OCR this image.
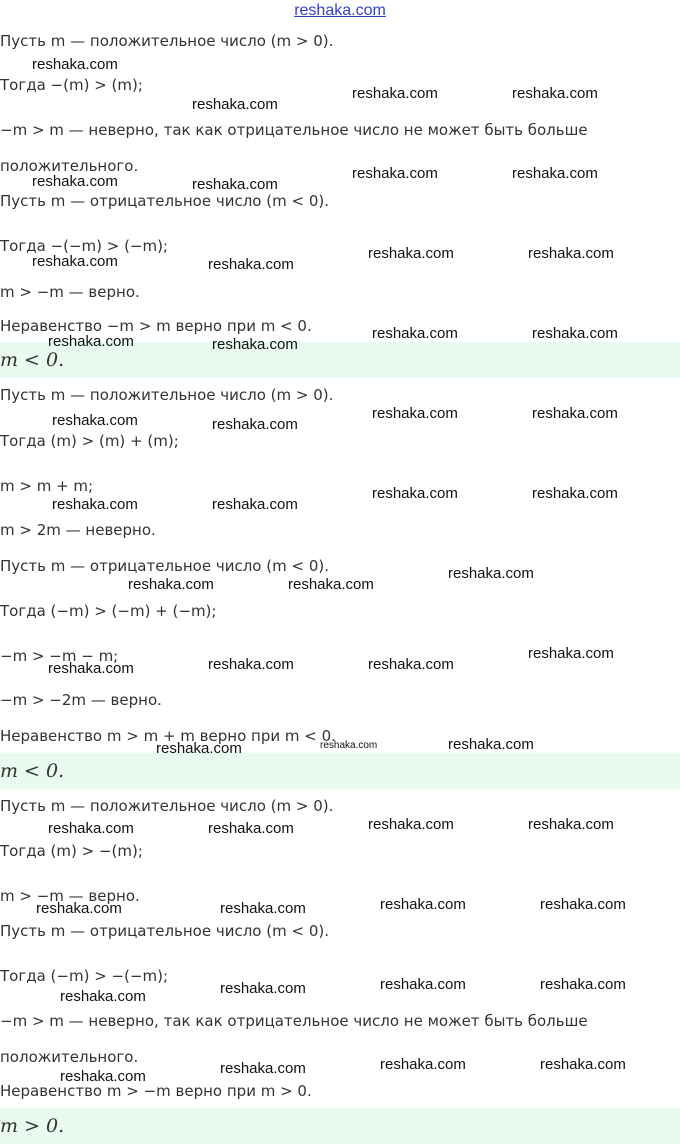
reshaka.com
Пусть m — положительное число (m > 0).
Тогда −(m) > (m);
−m > m — неверно, так как отрицательное число не может быть больше
положительного.
Пусть m — отрицательное число (m < 0).
Тогда −(−m) > (−m);
m > −m — верно.
Неравенство −m > m верно при m < 0.
m < 0.
Пусть m — положительное число (m > 0).
Тогда (m) > (m) + (m);
m > m + m;
m > 2m — неверно.
Пусть m — отрицательное число (m < 0).
Тогда (−m) > (−m) + (−m);
−m > −m − m;
−m > −2m — верно.
Неравенство m > m + m верно при m < 0.
m < 0.
Пусть m — положительное число (m > 0).
Тогда (m) > −(m);
m > −m — верно.
Пусть m — отрицательное число (m < 0).
Тогда (−m) > −(−m);
−m > m — неверно, так как отрицательное число не может быть больше
положительного.
Неравенство m > −m верно при m > 0.
m > 0.
reshaka.com
reshaka.com
reshaka.com	reshaka.com
reshaka.com	reshaka.com
reshaka.com	reshaka.com
reshaka.com	reshaka.com
reshaka.com	reshaka.com
reshaka.com	reshaka.com
reshaka.com	reshaka.com
reshaka.com	reshaka.com
reshaka.com	reshaka.com
reshaka.com	reshaka.com
reshaka.com	reshaka.com
reshaka.com	reshaka.com
reshaka.com
reshaka.com	reshaka.com	reshaka.com
reshaka.com
reshaka.com	reshaka.com	reshaka.com
reshaka.com	reshaka.com	reshaka.com	reshaka.com
reshaka.com	reshaka.com	reshaka.com	reshaka.com
reshaka.com	reshaka.com	reshaka.com	reshaka.com
reshaka.com	reshaka.com	reshaka.com	reshaka.com
